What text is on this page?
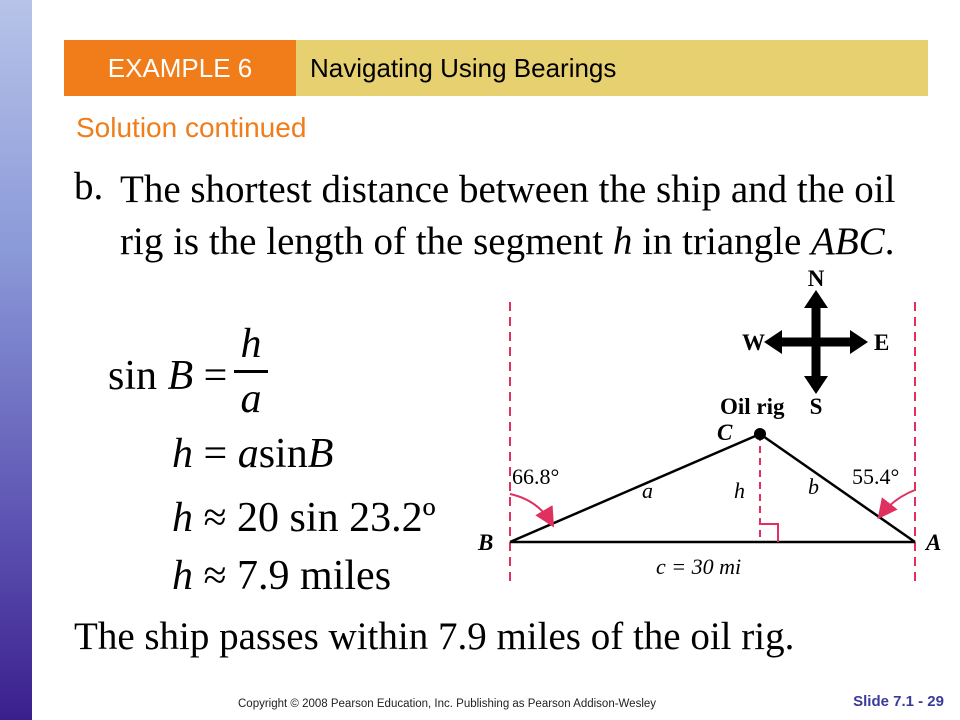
EXAMPLE 6	Navigating Using Bearings
Solution continued
b. The shortest distance between the ship and the oil rig is the length of the segment h in triangle ABC.
sin B =
h
a
h = asinB
h ≈ 20 sin 23.2º
h ≈ 7.9 miles
N
S
E
W
Oil rig
C
B	A
a	b
h
c = 30 mi
66.8°	55.4°
The ship passes within 7.9 miles of the oil rig.
Copyright © 2008 Pearson Education, Inc. Publishing as Pearson Addison-Wesley	Slide 7.1 - 29
